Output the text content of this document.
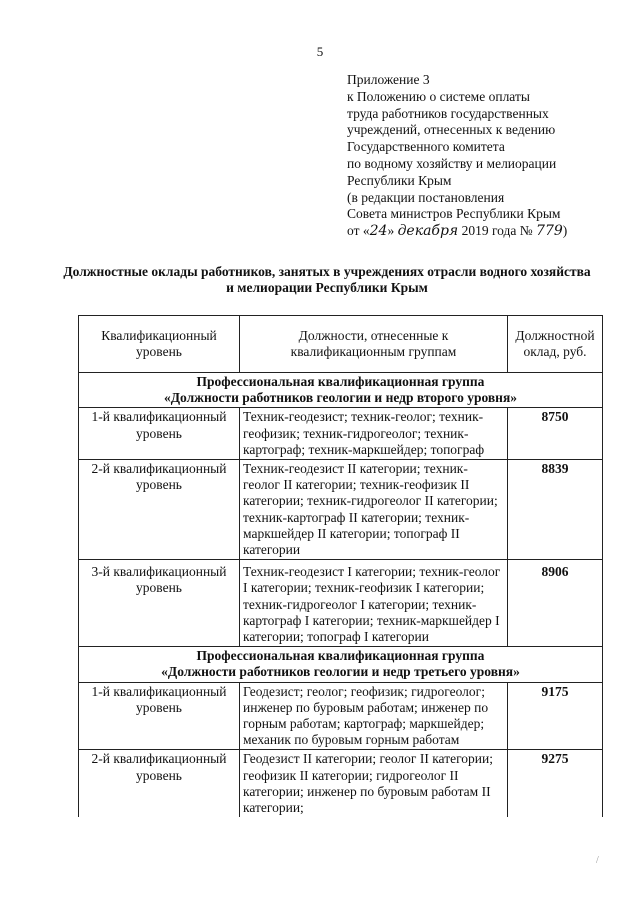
5
Приложение 3
к Положению о системе оплаты
труда работников государственных
учреждений, отнесенных к ведению
Государственного комитета
по водному хозяйству и мелиорации
Республики Крым
(в редакции постановления
Совета министров Республики Крым
от «24» декабря 2019 года № 779)
Должностные оклады работников, занятых в учреждениях отрасли водного хозяйства и мелиорации Республики Крым
Квалификационный уровень	Должности, отнесенные к квалификационным группам	Должностной оклад, руб.

Профессиональная квалификационная группа
«Должности работников геологии и недр второго уровня»		

1-й квалификационный уровень	Техник-геодезист; техник-геолог; техник-геофизик; техник-гидрогеолог; техник-картограф; техник-маркшейдер; топограф	8750
2-й квалификационный уровень	Техник-геодезист II категории; техник-геолог II категории; техник-геофизик II категории; техник-гидрогеолог II категории; техник-картограф II категории; техник-маркшейдер II категории; топограф II категории	8839
3-й квалификационный уровень	Техник-геодезист I категории; техник-геолог I категории; техник-геофизик I категории; техник-гидрогеолог I категории; техник-картограф I категории; техник-маркшейдер I категории; топограф I категории	8906

Профессиональная квалификационная группа
«Должности работников геологии и недр третьего уровня»		

1-й квалификационный уровень	Геодезист; геолог; геофизик; гидрогеолог; инженер по буровым работам; инженер по горным работам; картограф; маркшейдер; механик по буровым горным работам	9175
2-й квалификационный уровень	Геодезист II категории; геолог II категории; геофизик II категории; гидрогеолог II категории; инженер по буровым работам II категории;	9275
/
